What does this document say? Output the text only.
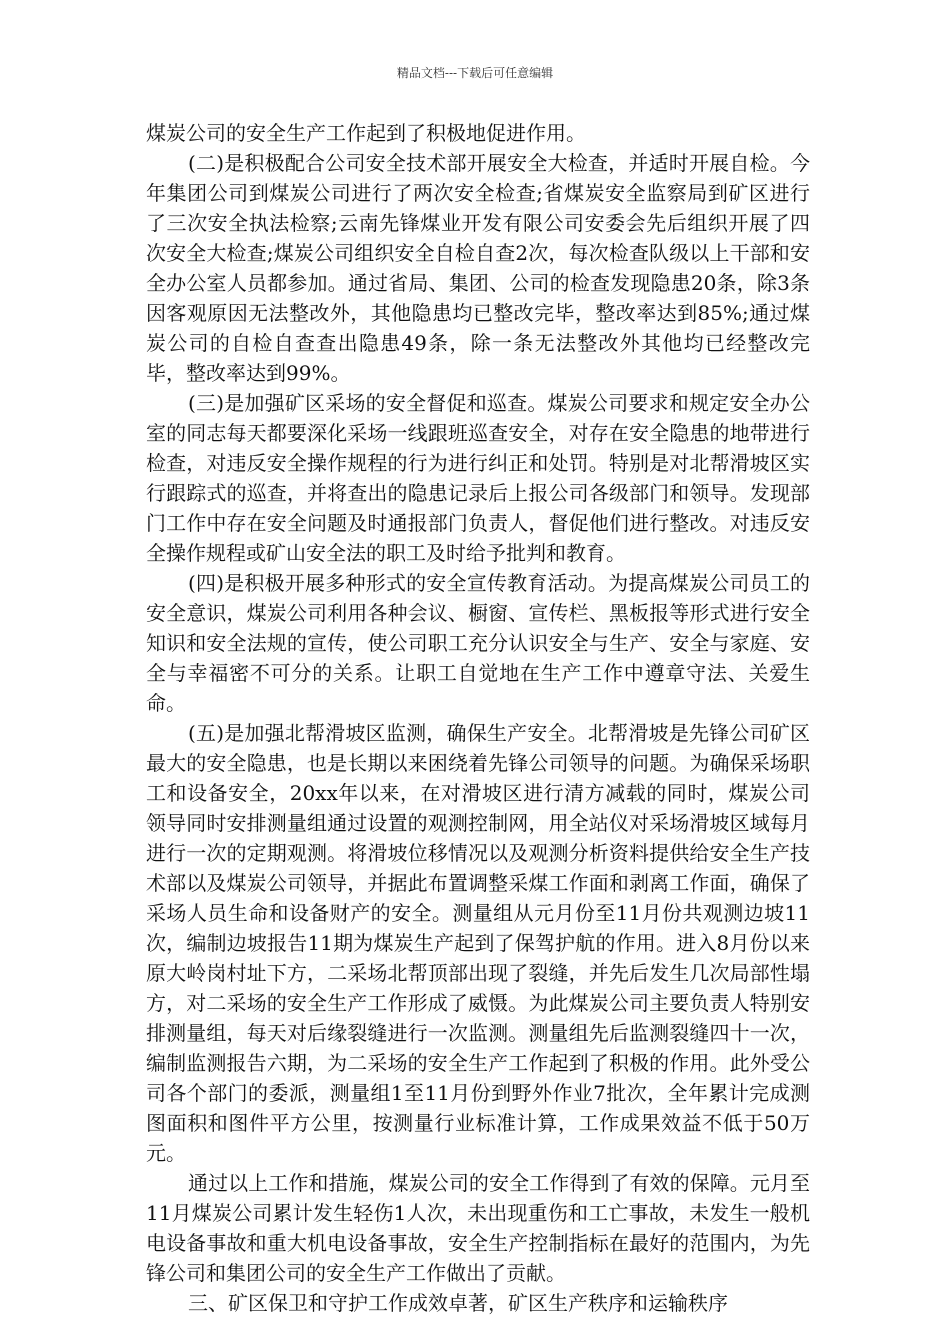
精品文档---下载后可任意编辑

煤炭公司的安全生产工作起到了积极地促进作用。

(二)是积极配合公司安全技术部开展安全大检查，并适时开展自检。今年集团公司到煤炭公司进行了两次安全检查;省煤炭安全监察局到矿区进行了三次安全执法检察;云南先锋煤业开发有限公司安委会先后组织开展了四次安全大检查;煤炭公司组织安全自检自查2次，每次检查队级以上干部和安全办公室人员都参加。通过省局、集团、公司的检查发现隐患20条，除3条因客观原因无法整改外，其他隐患均已整改完毕，整改率达到85%;通过煤炭公司的自检自查查出隐患49条，除一条无法整改外其他均已经整改完毕，整改率达到99%。

(三)是加强矿区采场的安全督促和巡查。煤炭公司要求和规定安全办公室的同志每天都要深化采场一线跟班巡查安全，对存在安全隐患的地带进行检查，对违反安全操作规程的行为进行纠正和处罚。特别是对北帮滑坡区实行跟踪式的巡查，并将查出的隐患记录后上报公司各级部门和领导。发现部门工作中存在安全问题及时通报部门负责人，督促他们进行整改。对违反安全操作规程或矿山安全法的职工及时给予批判和教育。

(四)是积极开展多种形式的安全宣传教育活动。为提高煤炭公司员工的安全意识，煤炭公司利用各种会议、橱窗、宣传栏、黑板报等形式进行安全知识和安全法规的宣传，使公司职工充分认识安全与生产、安全与家庭、安全与幸福密不可分的关系。让职工自觉地在生产工作中遵章守法、关爱生命。

(五)是加强北帮滑坡区监测，确保生产安全。北帮滑坡是先锋公司矿区最大的安全隐患，也是长期以来困绕着先锋公司领导的问题。为确保采场职工和设备安全，20xx年以来，在对滑坡区进行清方减载的同时，煤炭公司领导同时安排测量组通过设置的观测控制网，用全站仪对采场滑坡区域每月进行一次的定期观测。将滑坡位移情况以及观测分析资料提供给安全生产技术部以及煤炭公司领导，并据此布置调整采煤工作面和剥离工作面，确保了采场人员生命和设备财产的安全。测量组从元月份至11月份共观测边坡11次，编制边坡报告11期为煤炭生产起到了保驾护航的作用。进入8月份以来原大岭岗村址下方，二采场北帮顶部出现了裂缝，并先后发生几次局部性塌方，对二采场的安全生产工作形成了威慑。为此煤炭公司主要负责人特别安排测量组，每天对后缘裂缝进行一次监测。测量组先后监测裂缝四十一次，编制监测报告六期，为二采场的安全生产工作起到了积极的作用。此外受公司各个部门的委派，测量组1至11月份到野外作业7批次，全年累计完成测图面积和图件平方公里，按测量行业标准计算，工作成果效益不低于50万元。

通过以上工作和措施，煤炭公司的安全工作得到了有效的保障。元月至11月煤炭公司累计发生轻伤1人次，未出现重伤和工亡事故，未发生一般机电设备事故和重大机电设备事故，安全生产控制指标在最好的范围内，为先锋公司和集团公司的安全生产工作做出了贡献。

三、矿区保卫和守护工作成效卓著，矿区生产秩序和运输秩序
